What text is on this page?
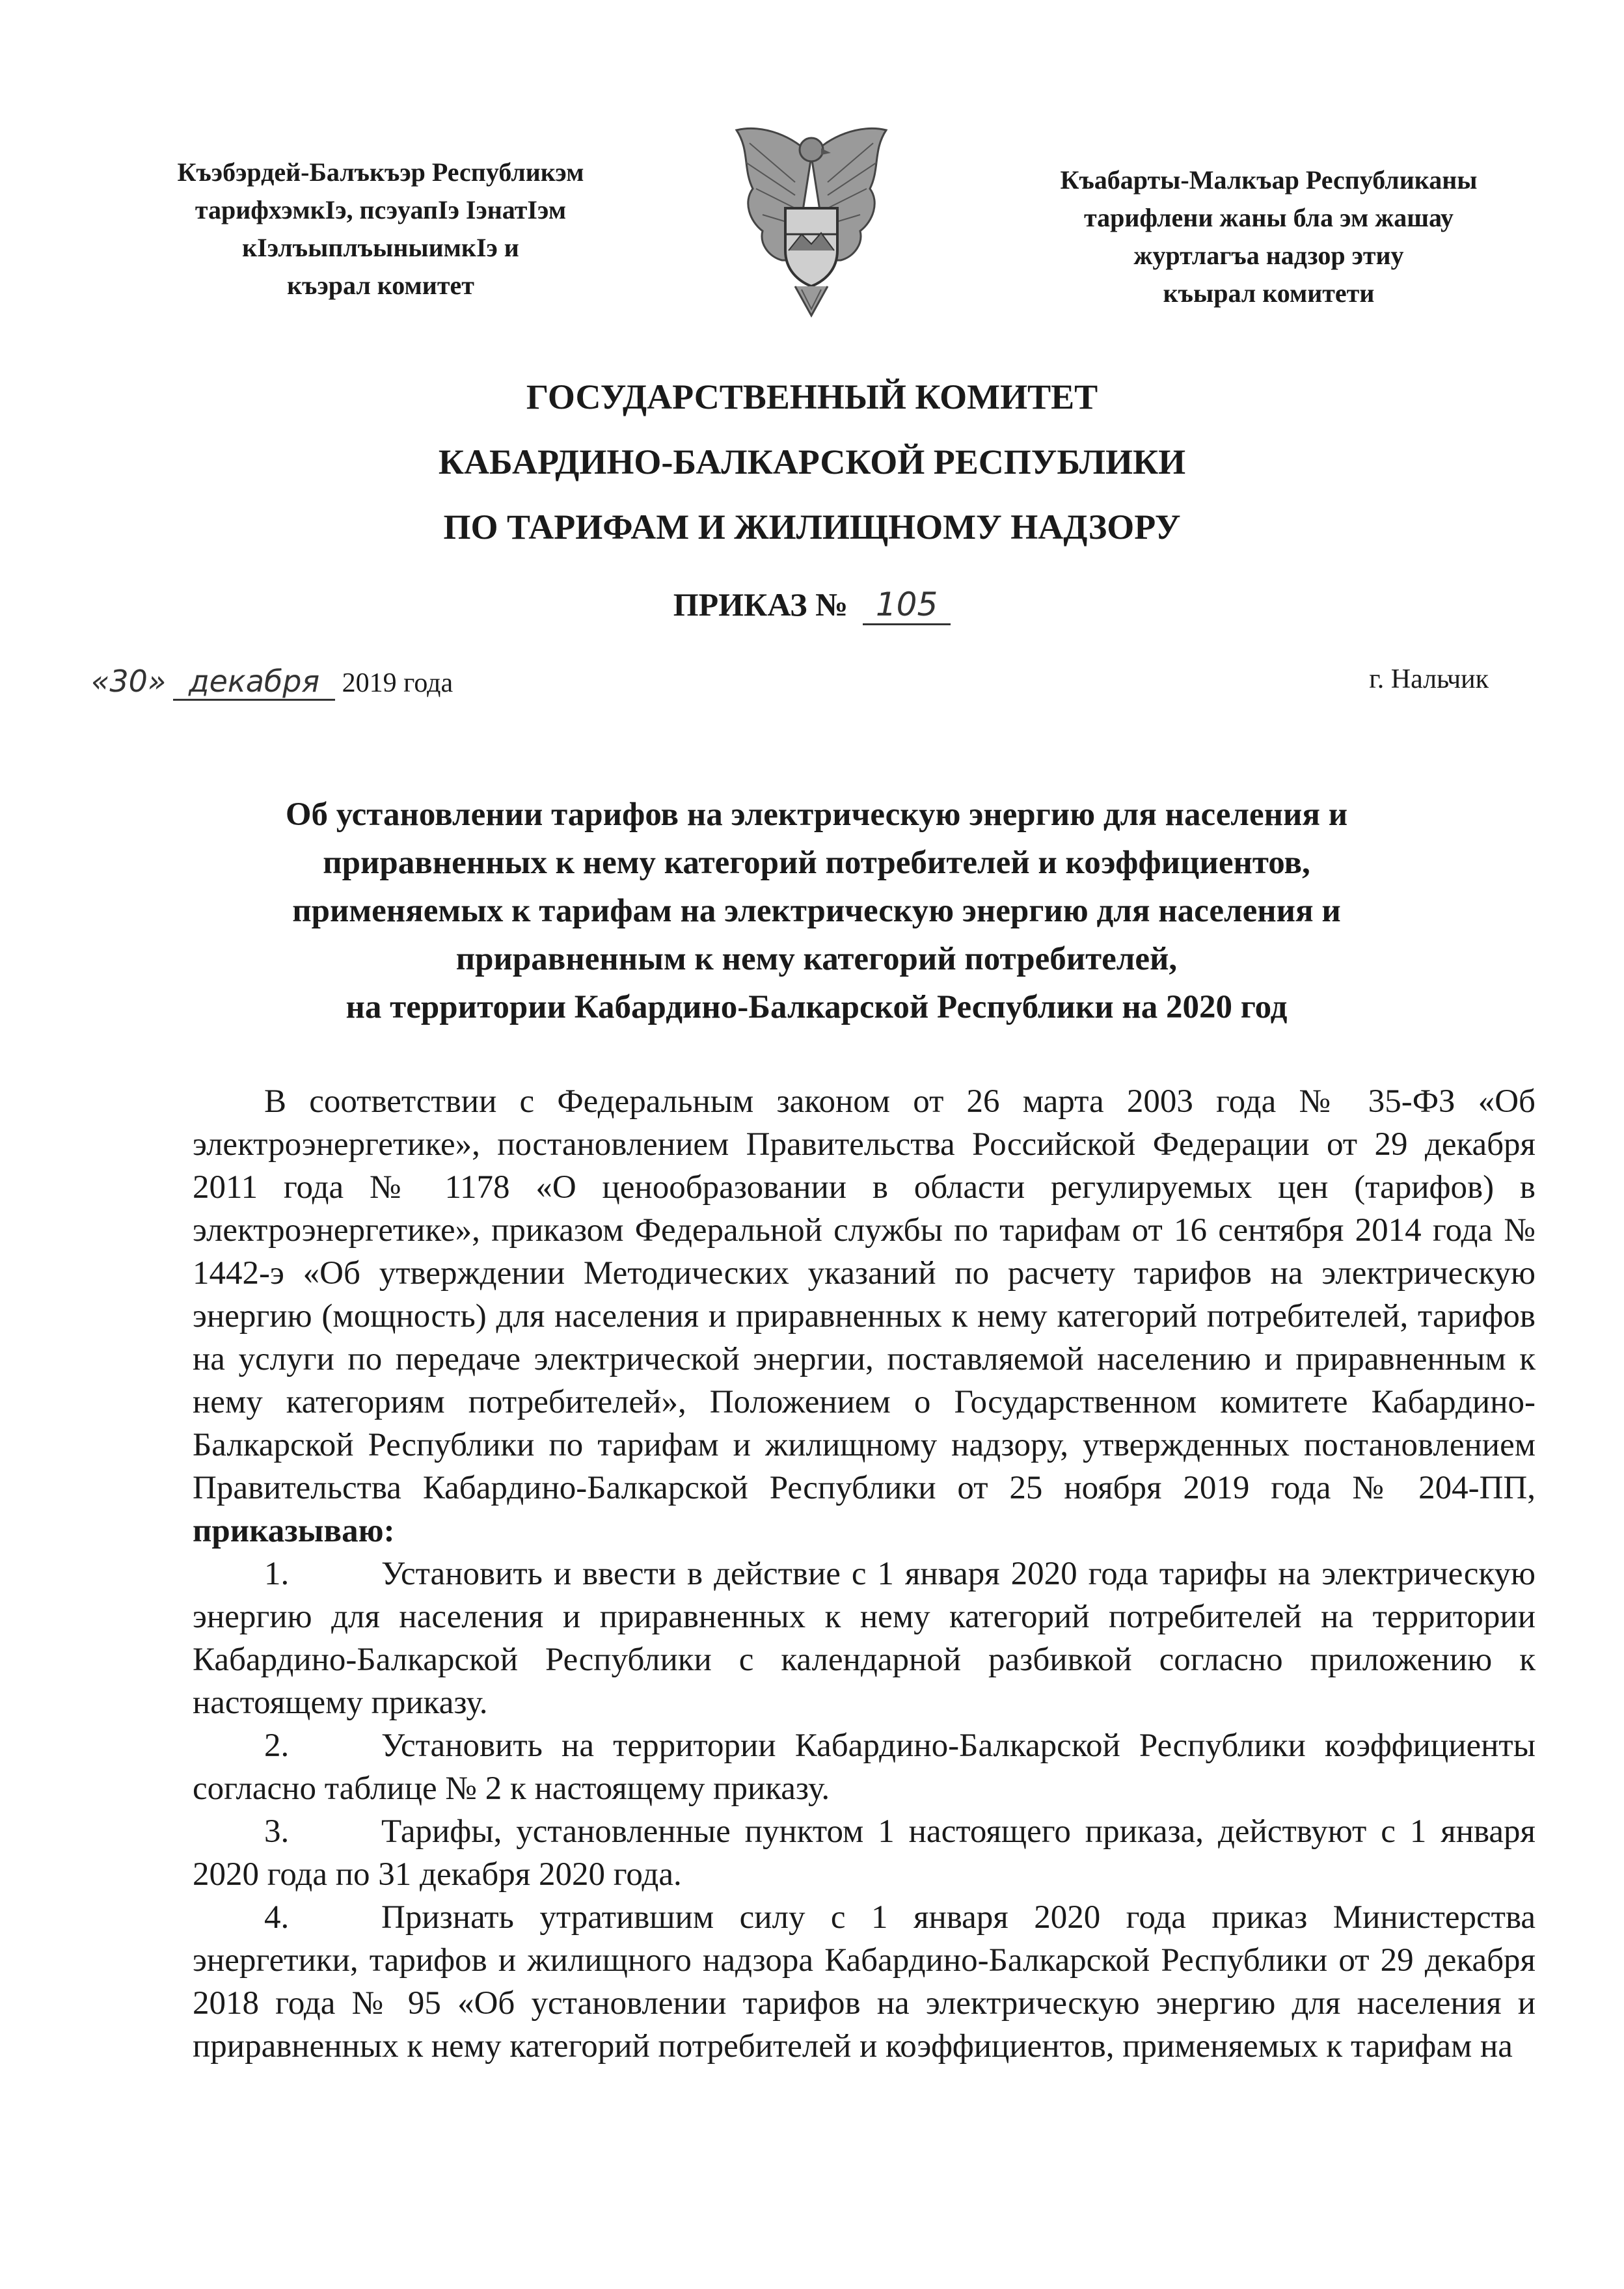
Къэбэрдей-Балъкъэр Республикэм
тарифхэмкIэ, псэуапIэ IэнатIэм
кIэлъыплъыныимкIэ и
къэрал комитет
Къабарты-Малкъар Республиканы
тарифлени жаны бла эм жашау
журтлагъа надзор этиу
къырал комитети
ГОСУДАРСТВЕННЫЙ КОМИТЕТ
КАБАРДИНО-БАЛКАРСКОЙ РЕСПУБЛИКИ
ПО ТАРИФАМ И ЖИЛИЩНОМУ НАДЗОРУ
ПРИКАЗ № 105
«30» декабря 2019 года	г. Нальчик
Об установлении тарифов на электрическую энергию для населения и
приравненных к нему категорий потребителей и коэффициентов,
применяемых к тарифам на электрическую энергию для населения и
приравненным к нему категорий потребителей,
на территории Кабардино-Балкарской Республики на 2020 год

В соответствии с Федеральным законом от 26 марта 2003 года № 35-ФЗ «Об электроэнергетике», постановлением Правительства Российской Федерации от 29 декабря 2011 года № 1178 «О ценообразовании в области регулируемых цен (тарифов) в электроэнергетике», приказом Федеральной службы по тарифам от 16 сентября 2014 года № 1442-э «Об утверждении Методических указаний по расчету тарифов на электрическую энергию (мощность) для населения и приравненных к нему категорий потребителей, тарифов на услуги по передаче электрической энергии, поставляемой населению и приравненным к нему категориям потребителей», Положением о Государственном комитете Кабардино-Балкарской Республики по тарифам и жилищному надзору, утвержденных постановлением Правительства Кабардино-Балкарской Республики от 25 ноября 2019 года № 204-ПП, приказываю:

1.	Установить и ввести в действие с 1 января 2020 года тарифы на электрическую энергию для населения и приравненных к нему категорий потребителей на территории Кабардино-Балкарской Республики с календарной разбивкой согласно приложению к настоящему приказу.

2.	Установить на территории Кабардино-Балкарской Республики коэффициенты согласно таблице № 2 к настоящему приказу.

3.	Тарифы, установленные пунктом 1 настоящего приказа, действуют с 1 января 2020 года по 31 декабря 2020 года.

4.	Признать утратившим силу с 1 января 2020 года приказ Министерства энергетики, тарифов и жилищного надзора Кабардино-Балкарской Республики от 29 декабря 2018 года № 95 «Об установлении тарифов на электрическую энергию для населения и приравненных к нему категорий потребителей и коэффициентов, применяемых к тарифам на
